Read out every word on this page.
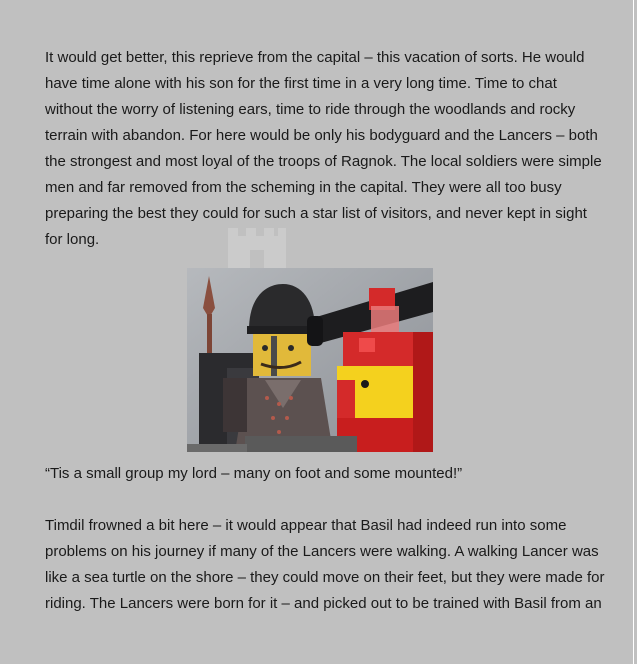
It would get better, this reprieve from the capital – this vacation of sorts. He would
have time alone with his son for the first time in a very long time. Time to chat
without the worry of listening ears, time to ride through the woodlands and rocky
terrain with abandon. For here would be only his bodyguard and the Lancers – both
the strongest and most loyal of the troops of Ragnok. The local soldiers were simple
men and far removed from the scheming in the capital. They were all too busy
preparing the best they could for such a star list of visitors, and never kept in sight
for long.
“Tis a small group my lord – many on foot and some mounted!”
Timdil frowned a bit here – it would appear that Basil had indeed run into some
problems on his journey if many of the Lancers were walking. A walking Lancer was
like a sea turtle on the shore – they could move on their feet, but they were made for
riding. The Lancers were born for it – and picked out to be trained with Basil from an
